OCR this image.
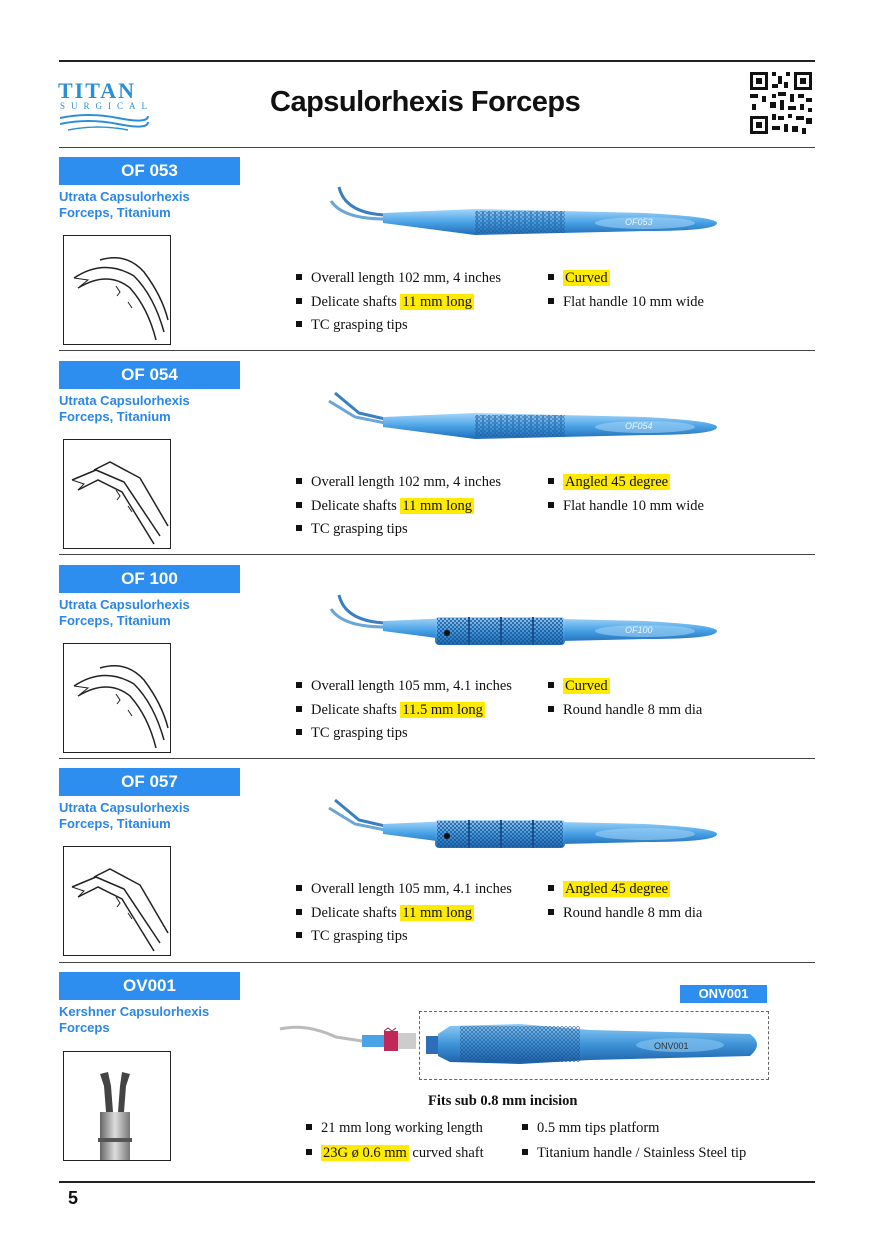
TITAN
SURGICAL	Capsulorhexis Forceps
OF 053
Utrata Capsulorhexis
Forceps, Titanium
OF053
Overall length 102 mm, 4 inches
Delicate shafts 11 mm long
TC grasping tips
Curved
Flat handle 10 mm wide
OF 054
Utrata Capsulorhexis
Forceps, Titanium
OF054
Overall length 102 mm, 4 inches
Delicate shafts 11 mm long
TC grasping tips
Angled 45 degree
Flat handle 10 mm wide
OF 100
Utrata Capsulorhexis
Forceps, Titanium
OF100
Overall length 105 mm, 4.1 inches
Delicate shafts 11.5 mm long
TC grasping tips
Curved
Round handle 8 mm dia
OF 057
Utrata Capsulorhexis
Forceps, Titanium
Overall length 105 mm, 4.1 inches
Delicate shafts 11 mm long
TC grasping tips
Angled 45 degree
Round handle 8 mm dia
OV001
Kershner Capsulorhexis
Forceps
ONV001
ONV001
Fits sub 0.8 mm incision
21 mm long working length
23G ø 0.6 mm curved shaft
0.5 mm tips platform
Titanium handle / Stainless Steel tip
5
